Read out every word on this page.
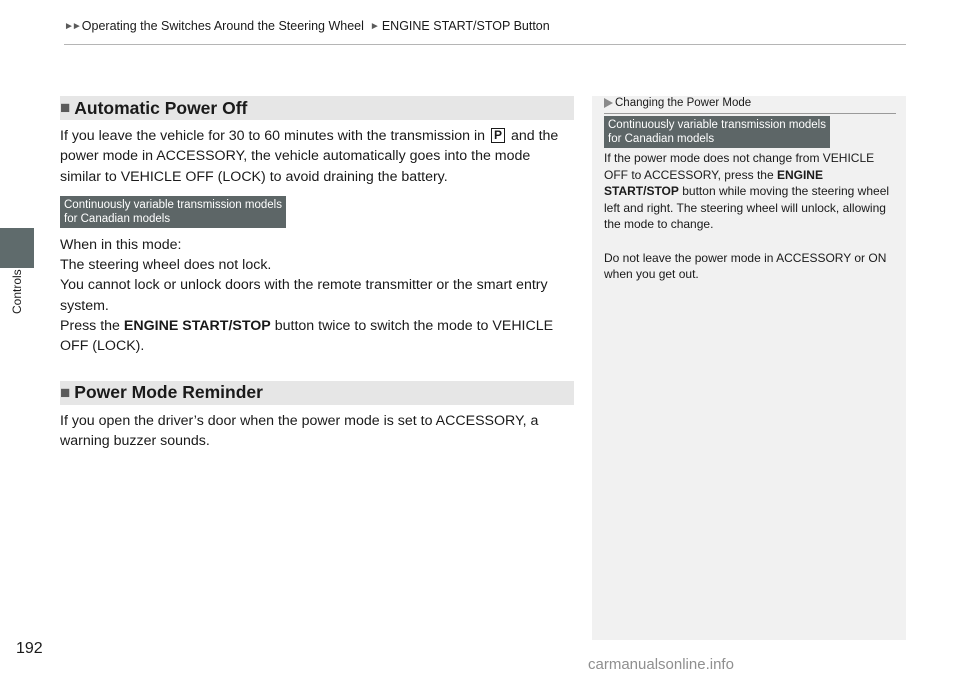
►► Operating the Switches Around the Steering Wheel ► ENGINE START/STOP Button
Controls
192
■ Automatic Power Off

If you leave the vehicle for 30 to 60 minutes with the transmission in P and the power mode in ACCESSORY, the vehicle automatically goes into the mode similar to VEHICLE OFF (LOCK) to avoid draining the battery.

Continuously variable transmission models
for Canadian models

When in this mode:

The steering wheel does not lock.

You cannot lock or unlock doors with the remote transmitter or the smart entry system.

Press the ENGINE START/STOP button twice to switch the mode to VEHICLE OFF (LOCK).

■ Power Mode Reminder

If you open the driver’s door when the power mode is set to ACCESSORY, a warning buzzer sounds.

Changing the Power Mode
Continuously variable transmission models
for Canadian models

If the power mode does not change from VEHICLE OFF to ACCESSORY, press the ENGINE START/STOP button while moving the steering wheel left and right. The steering wheel will unlock, allowing the mode to change.

Do not leave the power mode in ACCESSORY or ON when you get out.

carmanualsonline.info
